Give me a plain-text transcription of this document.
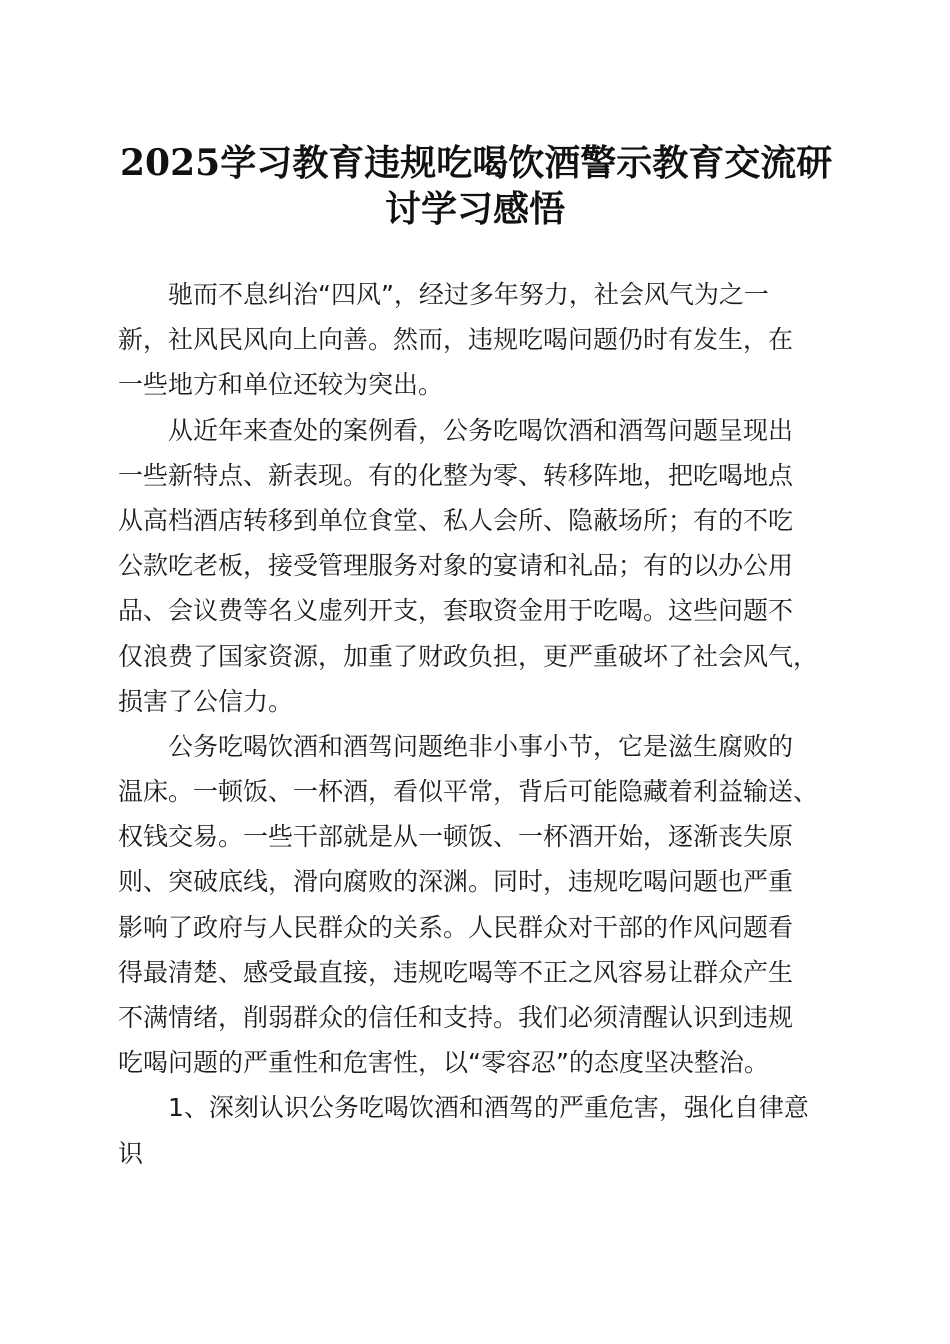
2025学习教育违规吃喝饮酒警示教育交流研
讨学习感悟
驰而不息纠治“四风”，经过多年努力，社会风气为之一
新，社风民风向上向善。然而，违规吃喝问题仍时有发生，在
一些地方和单位还较为突出。
从近年来查处的案例看，公务吃喝饮酒和酒驾问题呈现出
一些新特点、新表现。有的化整为零、转移阵地，把吃喝地点
从高档酒店转移到单位食堂、私人会所、隐蔽场所；有的不吃
公款吃老板，接受管理服务对象的宴请和礼品；有的以办公用
品、会议费等名义虚列开支，套取资金用于吃喝。这些问题不
仅浪费了国家资源，加重了财政负担，更严重破坏了社会风气，
损害了公信力。
公务吃喝饮酒和酒驾问题绝非小事小节，它是滋生腐败的
温床。一顿饭、一杯酒，看似平常，背后可能隐藏着利益输送、
权钱交易。一些干部就是从一顿饭、一杯酒开始，逐渐丧失原
则、突破底线，滑向腐败的深渊。同时，违规吃喝问题也严重
影响了政府与人民群众的关系。人民群众对干部的作风问题看
得最清楚、感受最直接，违规吃喝等不正之风容易让群众产生
不满情绪，削弱群众的信任和支持。我们必须清醒认识到违规
吃喝问题的严重性和危害性，以“零容忍”的态度坚决整治。
1、深刻认识公务吃喝饮酒和酒驾的严重危害，强化自律意
识
